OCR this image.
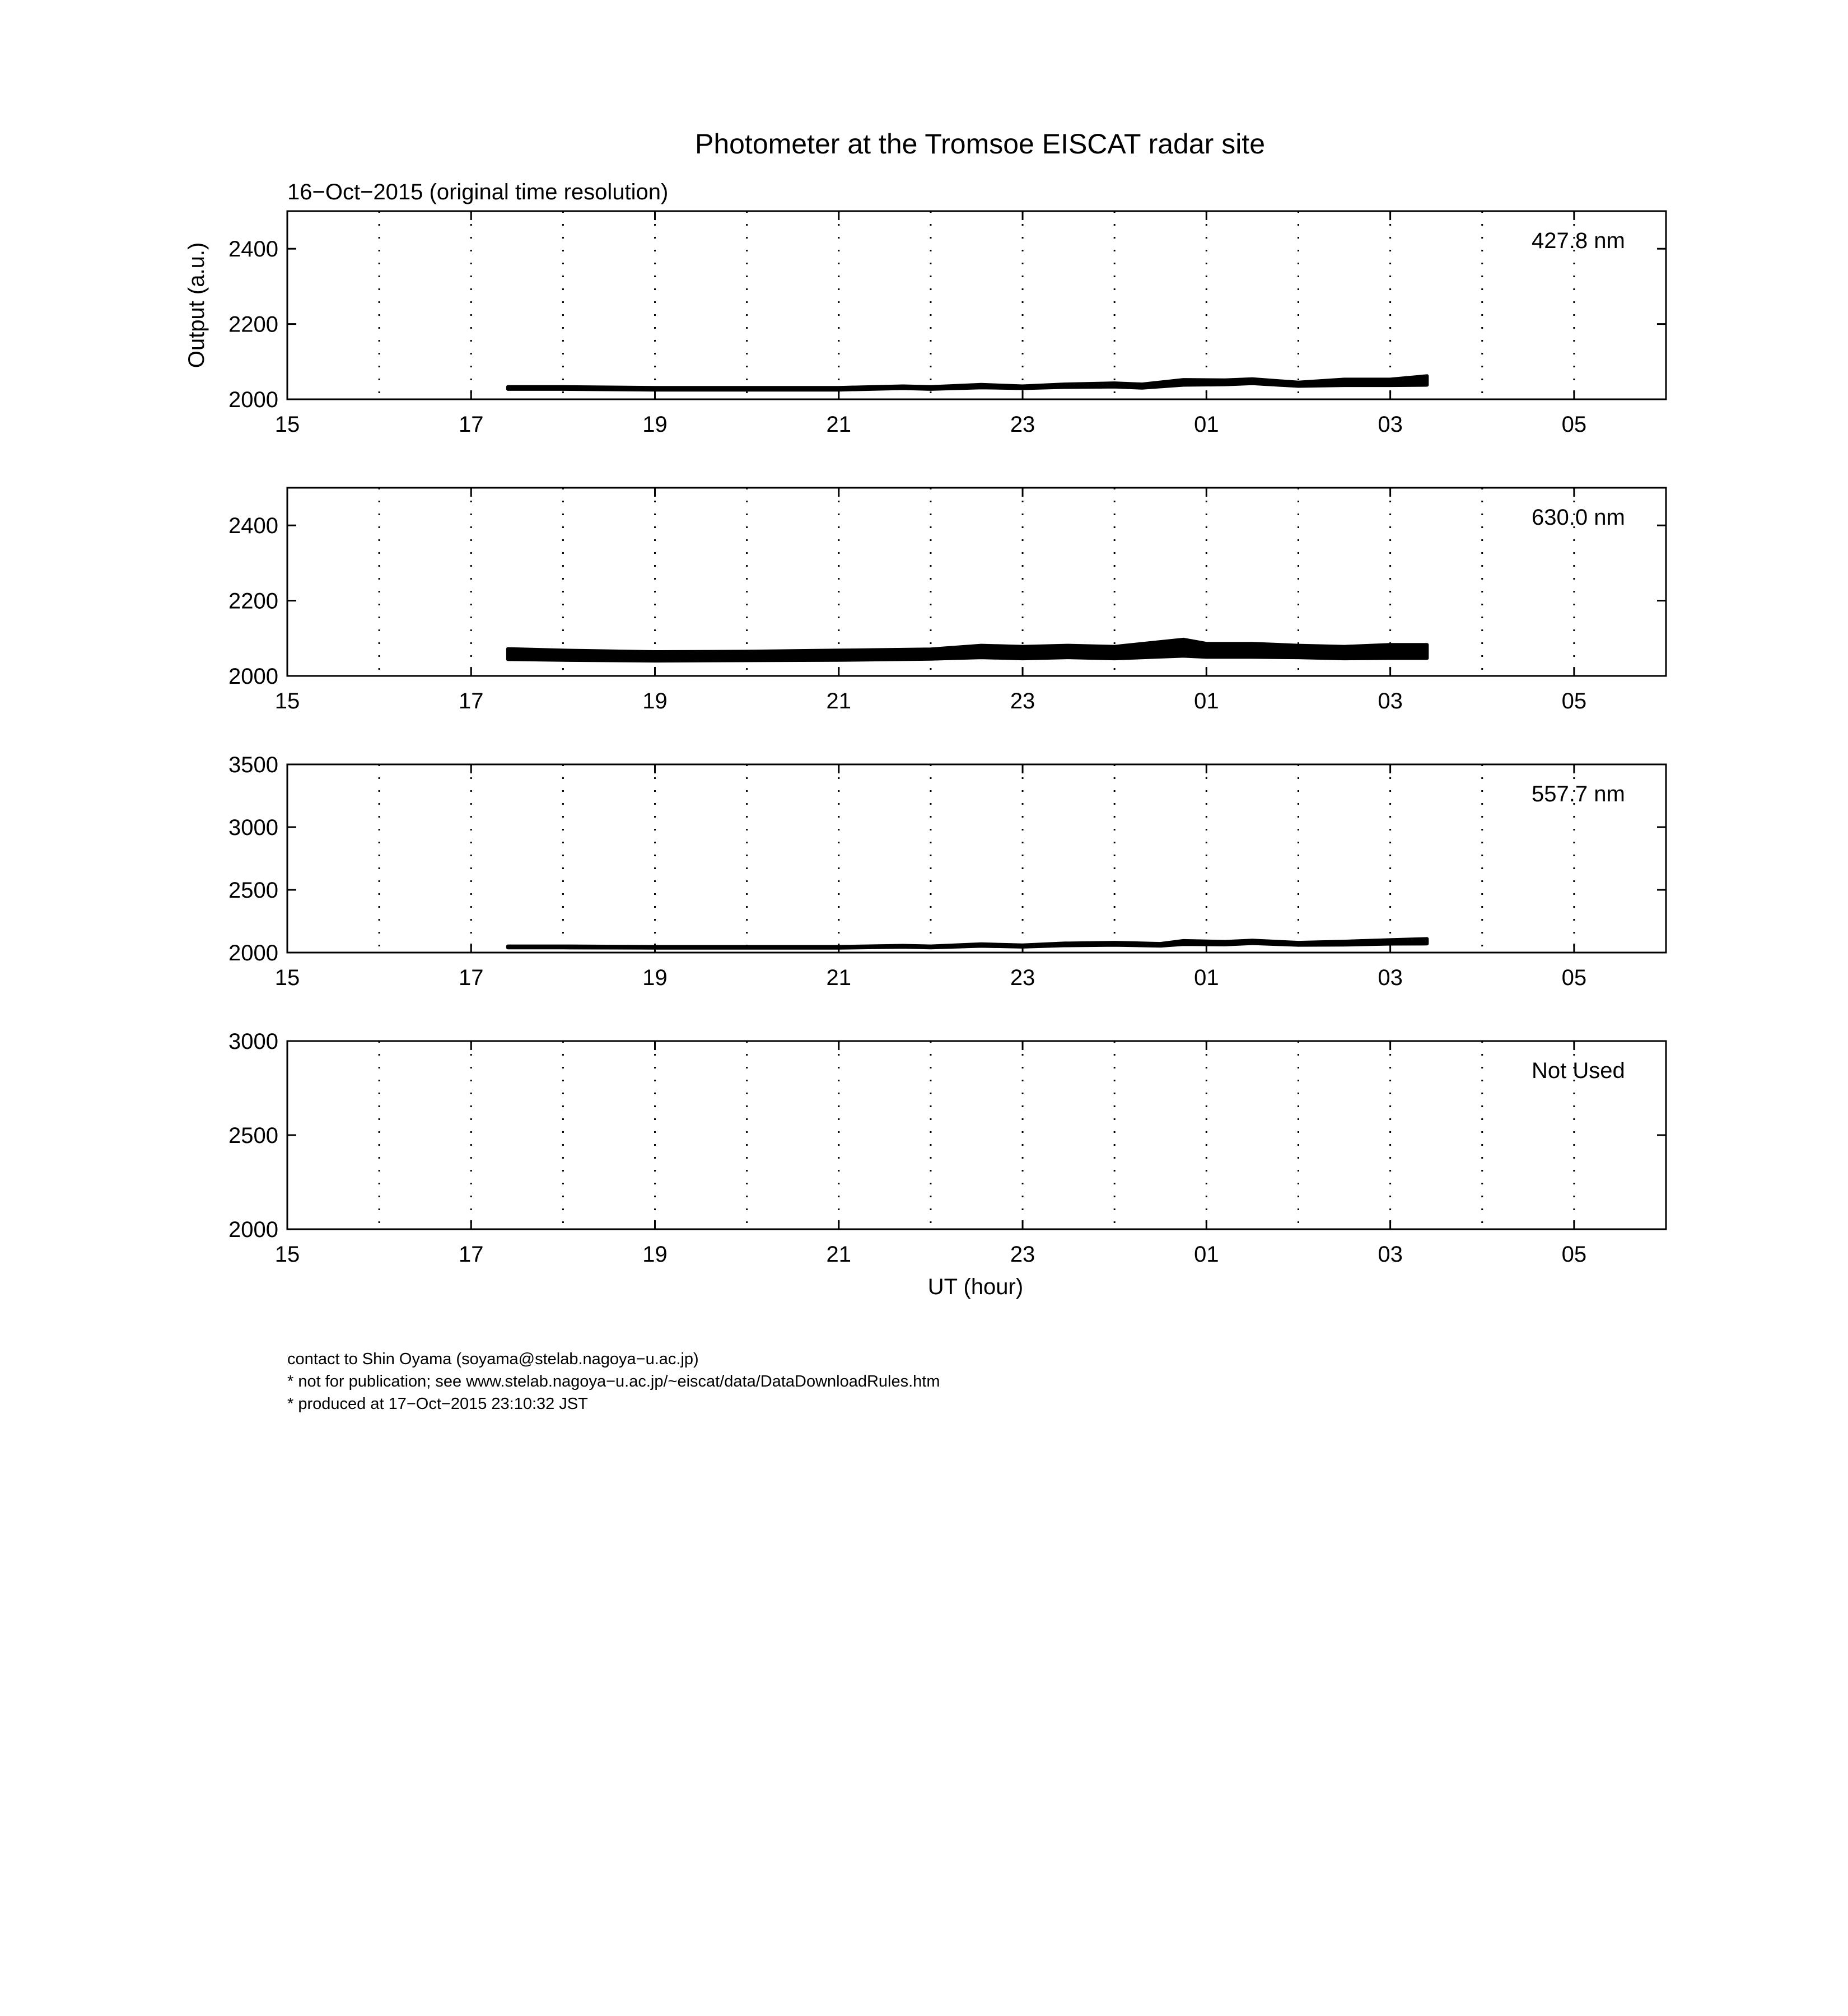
Photometer at the Tromsoe EISCAT radar site
16−Oct−2015 (original time resolution)
Output (a.u.)
UT (hour)
15	17	19	21	23	01	03	05
2000
2200
2400	427.8 nm
15	17	19	21	23	01	03	05
2000
2200
2400	630.0 nm
15	17	19	21	23	01	03	05
2000
2500
3000
3500
557.7 nm
15	17	19	21	23	01	03	05
2000
2500
3000
Not Used
contact to Shin Oyama (soyama@stelab.nagoya−u.ac.jp)
* not for publication; see www.stelab.nagoya−u.ac.jp/~eiscat/data/DataDownloadRules.htm
* produced at 17−Oct−2015 23:10:32 JST
